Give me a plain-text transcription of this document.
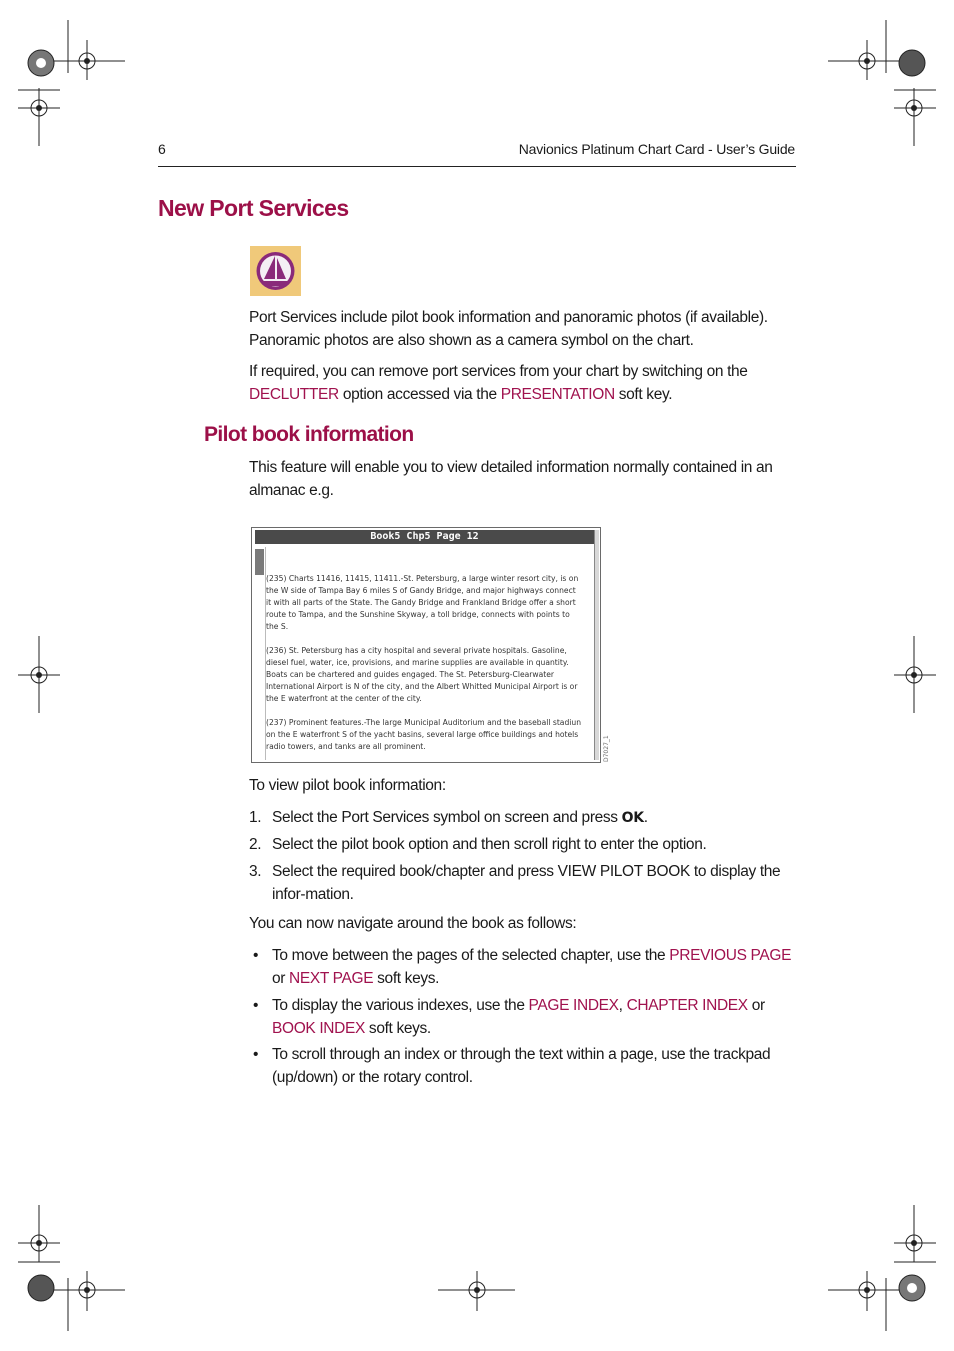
6	Navionics Platinum Chart Card - User’s Guide
New Port Services
Port Services include pilot book information and panoramic photos (if available). Panoramic photos are also shown as a camera symbol on the chart.
If required, you can remove port services from your chart by switching on the
DECLUTTER option accessed via the PRESENTATION soft key.
Pilot book information
This feature will enable you to view detailed information normally contained in an almanac e.g.
Book5 Chp5 Page 12
(235) Charts 11416, 11415, 11411.-St. Petersburg, a large winter resort city, is on
the W side of Tampa Bay 6 miles S of Gandy Bridge, and major highways connect
it with all parts of the State. The Gandy Bridge and Frankland Bridge offer a short
route to Tampa, and the Sunshine Skyway, a toll bridge, connects with points to
the S.
(236) St. Petersburg has a city hospital and several private hospitals. Gasoline,
diesel fuel, water, ice, provisions, and marine supplies are available in quantity.
Boats can be chartered and guides engaged. The St. Petersburg-Clearwater
International Airport is N of the city, and the Albert Whitted Municipal Airport is or
the E waterfront at the center of the city.
(237) Prominent features.-The large Municipal Auditorium and the baseball stadiun
on the E waterfront S of the yacht basins, several large office buildings and hotels
radio towers, and tanks are all prominent.	D7027_1
To view pilot book information:
1. Select the Port Services symbol on screen and press OK.
2. Select the pilot book option and then scroll right to enter the option.
3. Select the required book/chapter and press VIEW PILOT BOOK to display the infor-mation.
You can now navigate around the book as follows:
• To move between the pages of the selected chapter, use the PREVIOUS PAGE or NEXT PAGE soft keys.
• To display the various indexes, use the PAGE INDEX, CHAPTER INDEX or BOOK INDEX soft keys.
• To scroll through an index or through the text within a page, use the trackpad (up/down) or the rotary control.
